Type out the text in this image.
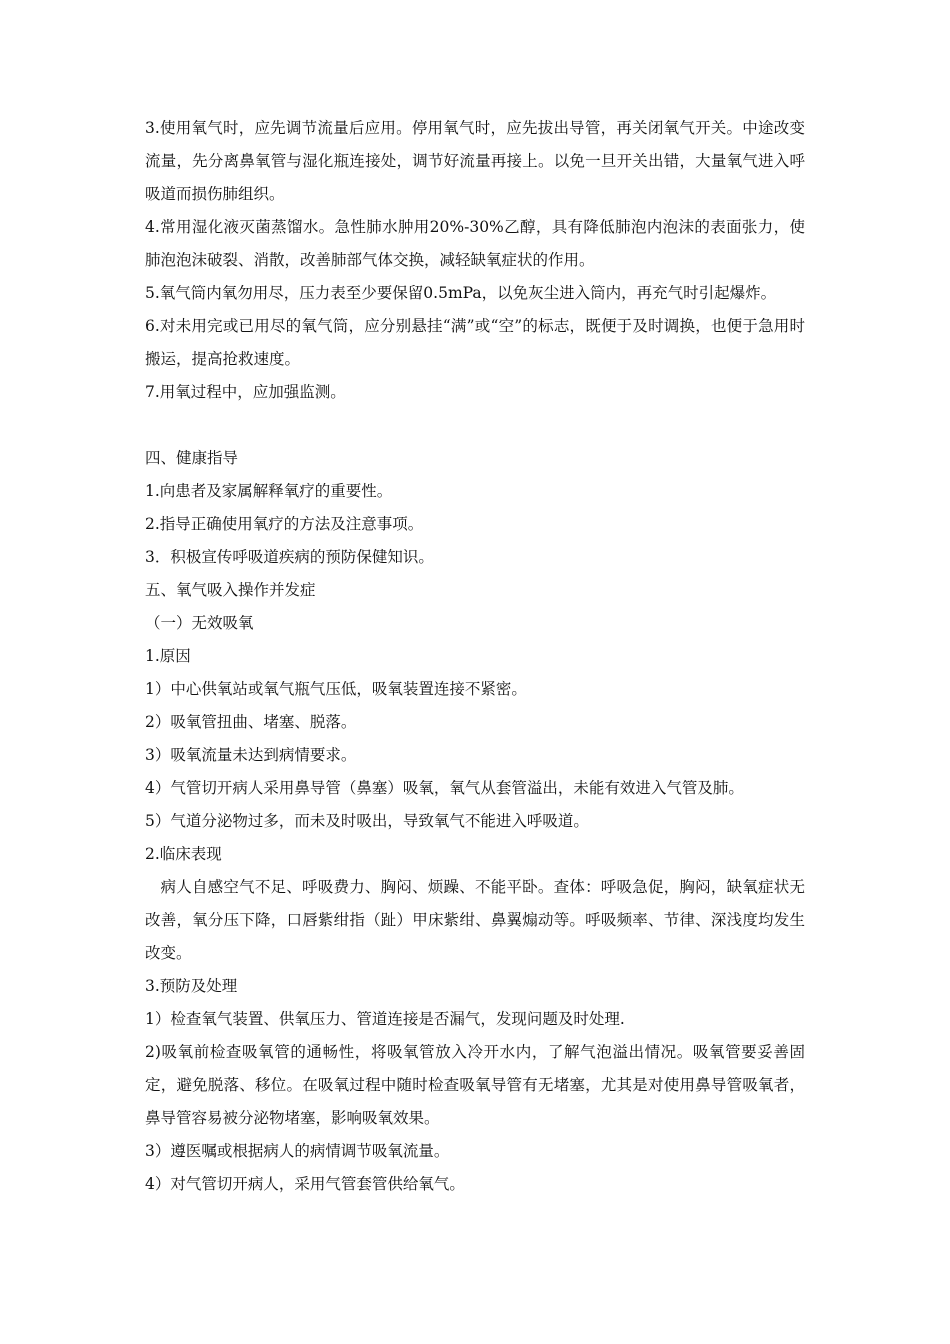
3.使用氧气时，应先调节流量后应用。停用氧气时，应先拔出导管，再关闭氧气开关。中途改变流量，先分离鼻氧管与湿化瓶连接处，调节好流量再接上。以免一旦开关出错，大量氧气进入呼吸道而损伤肺组织。

4.常用湿化液灭菌蒸馏水。急性肺水肿用20%-30%乙醇，具有降低肺泡内泡沫的表面张力，使肺泡泡沫破裂、消散，改善肺部气体交换，减轻缺氧症状的作用。

5.氧气筒内氧勿用尽，压力表至少要保留0.5mPa，以免灰尘进入筒内，再充气时引起爆炸。

6.对未用完或已用尽的氧气筒，应分别悬挂“满”或“空”的标志，既便于及时调换，也便于急用时搬运，提高抢救速度。

7.用氧过程中，应加强监测。

四、健康指导

1.向患者及家属解释氧疗的重要性。

2.指导正确使用氧疗的方法及注意事项。

3．积极宣传呼吸道疾病的预防保健知识。

五、氧气吸入操作并发症

（一）无效吸氧

1.原因

1）中心供氧站或氧气瓶气压低，吸氧装置连接不紧密。

2）吸氧管扭曲、堵塞、脱落。

3）吸氧流量未达到病情要求。

4）气管切开病人采用鼻导管（鼻塞）吸氧，氧气从套管溢出，未能有效进入气管及肺。

5）气道分泌物过多，而未及时吸出，导致氧气不能进入呼吸道。

2.临床表现

病人自感空气不足、呼吸费力、胸闷、烦躁、不能平卧。查体：呼吸急促，胸闷，缺氧症状无改善，氧分压下降，口唇紫绀指（趾）甲床紫绀、鼻翼煽动等。呼吸频率、节律、深浅度均发生改变。

3.预防及处理

1）检查氧气装置、供氧压力、管道连接是否漏气，发现问题及时处理.

2)吸氧前检查吸氧管的通畅性，将吸氧管放入冷开水内，了解气泡溢出情况。吸氧管要妥善固定，避免脱落、移位。在吸氧过程中随时检查吸氧导管有无堵塞，尤其是对使用鼻导管吸氧者，鼻导管容易被分泌物堵塞，影响吸氧效果。

3）遵医嘱或根据病人的病情调节吸氧流量。

4）对气管切开病人，采用气管套管供给氧气。
